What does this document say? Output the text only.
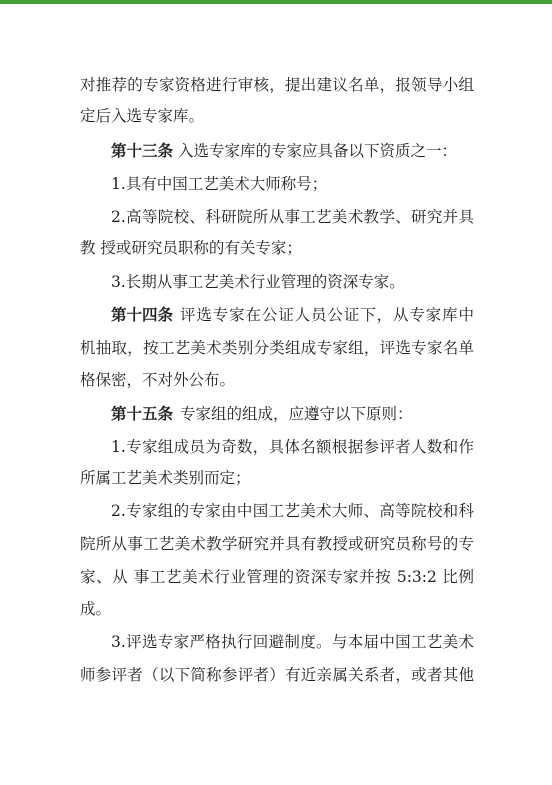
对推荐的专家资格进行审核，提出建议名单，报领导小组
定后入选专家库。
第十三条 入选专家库的专家应具备以下资质之一：
1.具有中国工艺美术大师称号；
2.高等院校、科研院所从事工艺美术教学、研究并具
教 授或研究员职称的有关专家；
3.长期从事工艺美术行业管理的资深专家。
第十四条 评选专家在公证人员公证下，从专家库中
机抽取，按工艺美术类别分类组成专家组，评选专家名单
格保密，不对外公布。
第十五条 专家组的组成，应遵守以下原则：
1.专家组成员为奇数，具体名额根据参评者人数和作
所属工艺美术类别而定；
2.专家组的专家由中国工艺美术大师、高等院校和科
院所从事工艺美术教学研究并具有教授或研究员称号的专
家、从 事工艺美术行业管理的资深专家并按 5:3:2 比例
成。
3.评选专家严格执行回避制度。与本届中国工艺美术
师参评者（以下简称参评者）有近亲属关系者，或者其他
